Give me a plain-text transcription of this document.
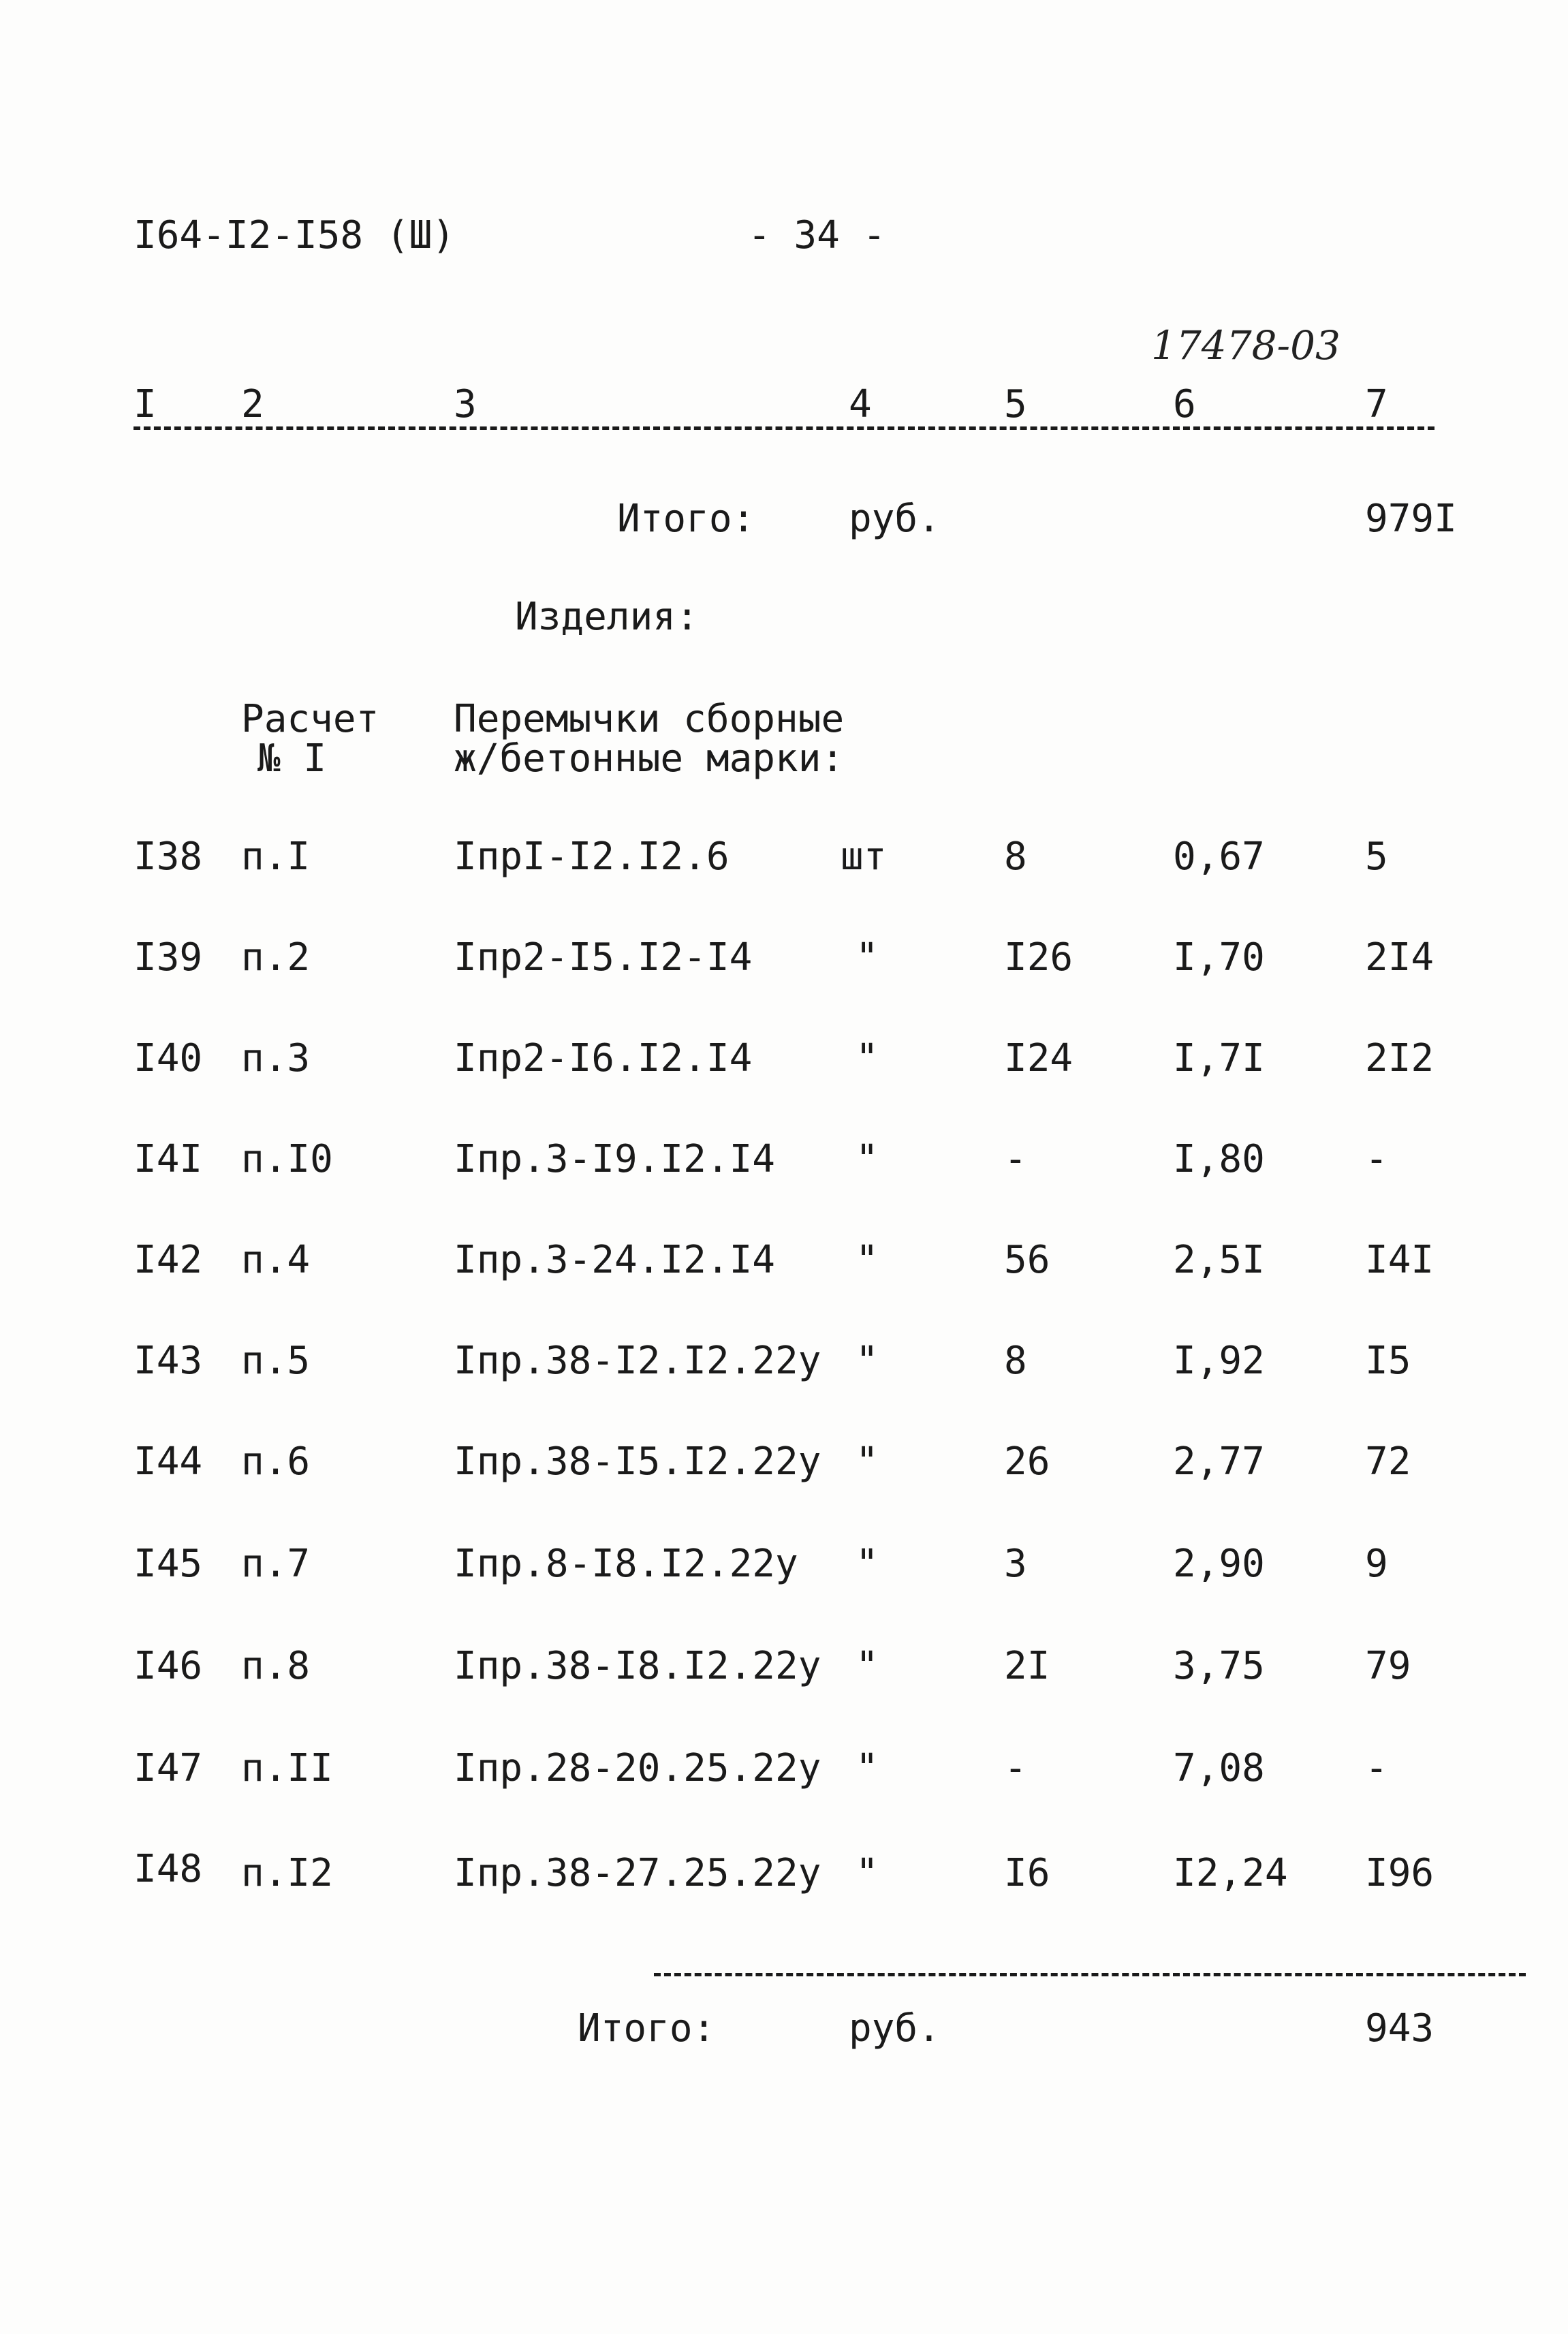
I64-I2-I58 (Ш)	- 34 -
17478-03
I 2	3	4	5	6	7
Итого: руб.	979I
Изделия:
Расчет
№ I
Перемычки сборные
ж/бетонные марки:
I38 п.I	IпрI-I2.I2.6	шт	8	0,67	5
I39 п.2	Iпр2-I5.I2-I4	"	I26	I,70	2I4
I40 п.3	Iпр2-I6.I2.I4	"	I24	I,7I	2I2
I4I п.I0	Iпр.3-I9.I2.I4 "	-	I,80	-
I42 п.4	Iпр.3-24.I2.I4 "	56	2,5I	I4I
I43 п.5	Iпр.38-I2.I2.22у "	8	I,92	I5
I44 п.6	Iпр.38-I5.I2.22у "	26	2,77	72
I45 п.7	Iпр.8-I8.I2.22у "	3	2,90	9
I46 п.8	Iпр.38-I8.I2.22у "	2I	3,75	79
I47 п.II	Iпр.28-20.25.22у "	-	7,08	-
I48 п.I2	Iпр.38-27.25.22у "	I6	I2,24 I96
Итого:	руб.	943
